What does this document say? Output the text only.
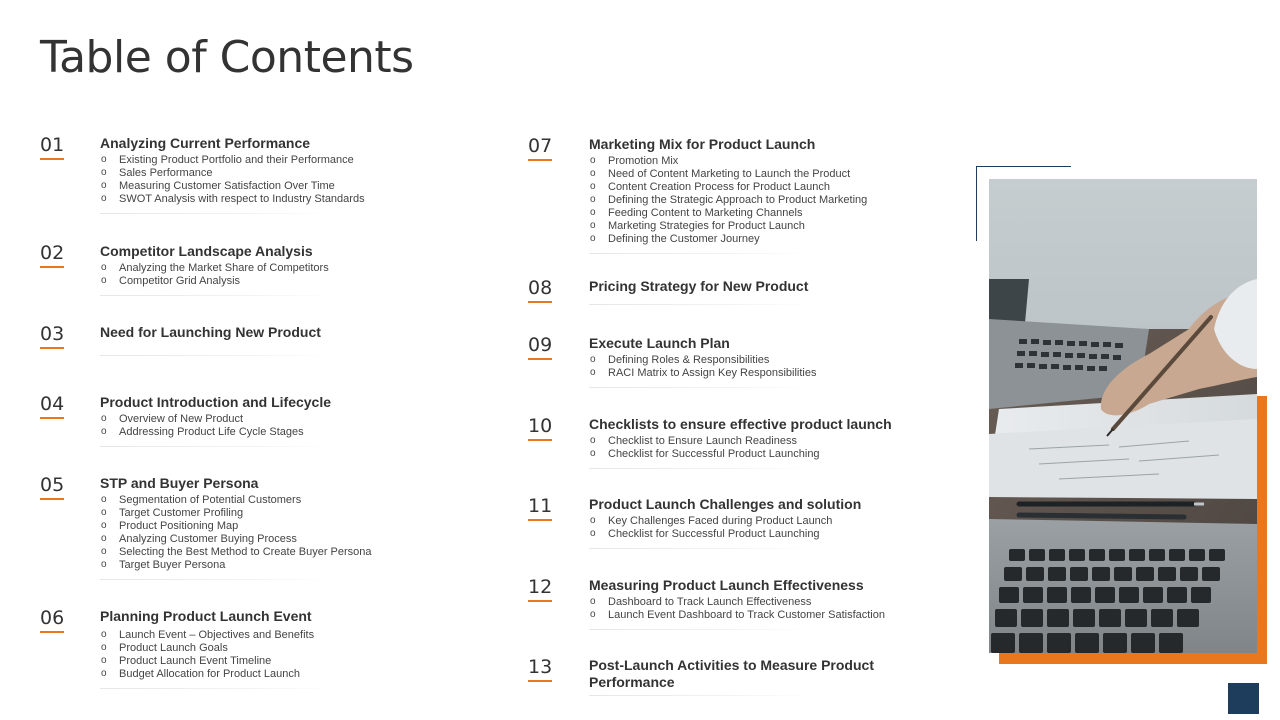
Table of Contents
01	Analyzing Current Performance
o Existing Product Portfolio and their Performance
o Sales Performance
o Measuring Customer Satisfaction Over Time
o SWOT Analysis with respect to Industry Standards
02	Competitor Landscape Analysis
o Analyzing the Market Share of Competitors
o Competitor Grid Analysis
03	Need for Launching New Product
04	Product Introduction and Lifecycle
o Overview of New Product
o Addressing Product Life Cycle Stages
05	STP and Buyer Persona
o Segmentation of Potential Customers
o Target Customer Profiling
o Product Positioning Map
o Analyzing Customer Buying Process
o Selecting the Best Method to Create Buyer Persona
o Target Buyer Persona
06	Planning Product Launch Event
o Launch Event – Objectives and Benefits
o Product Launch Goals
o Product Launch Event Timeline
o Budget Allocation for Product Launch
07	Marketing Mix for Product Launch
o Promotion Mix
o Need of Content Marketing to Launch the Product
o Content Creation Process for Product Launch
o Defining the Strategic Approach to Product Marketing
o Feeding Content to Marketing Channels
o Marketing Strategies for Product Launch
o Defining the Customer Journey
08	Pricing Strategy for New Product
09	Execute Launch Plan
o Defining Roles & Responsibilities
o RACI Matrix to Assign Key Responsibilities
10	Checklists to ensure effective product launch
o Checklist to Ensure Launch Readiness
o Checklist for Successful Product Launching
11	Product Launch Challenges and solution
o Key Challenges Faced during Product Launch
o Checklist for Successful Product Launching
12	Measuring Product Launch Effectiveness
o Dashboard to Track Launch Effectiveness
o Launch Event Dashboard to Track Customer Satisfaction
13	Post-Launch Activities to Measure Product Performance
